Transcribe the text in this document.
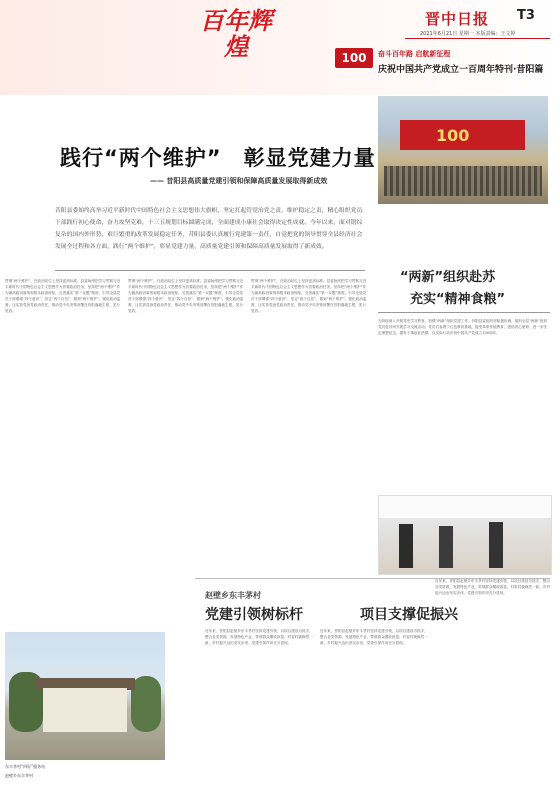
百年辉煌
晋中日报 T3
2021年6月21日 星期一 本版责编：王文婷
100	奋斗百年路 启航新征程
庆祝中国共产党成立一百周年特刊·昔阳篇
100
践行“两个维护”　彰显党建力量
—— 昔阳县高质量党建引领和保障高质量发展取得新成效
昔阳县委始终高举习近平新时代中国特色社会主义思想伟大旗帜，坚定扛起管党治党之责，维护稳定之责，精心组织党员干部践行初心使命，奋力攻坚克难，十三五规划目标圆满完成，全面建成小康社会取得决定性成就。今年以来，面对错综复杂的国内外形势，艰巨繁重的改革发展稳定任务，昔阳县委认真履行党建第一责任，自觉把党的领导贯穿全县经济社会发展全过程和各方面，践行“两个维护”，彰显党建力量，高质量党建引领和保障高质量发展取得了新成效。
贯彻“两个维护”，在政治站位上坚持更高标准。县委始终把学习贯彻习近平新时代中国特色社会主义思想作为首要政治任务，坚持把“两个维护”作为最高政治原则和根本政治规矩，完善落实“第一议题”制度，引导全县党员干部增强“四个意识”、坚定“四个自信”、做到“两个维护”。强化政治监督，压实管党治党政治责任，推动党中央决策部署在昔阳落地生根、见行见效。
贯彻“两个维护”，在政治站位上坚持更高标准。县委始终把学习贯彻习近平新时代中国特色社会主义思想作为首要政治任务，坚持把“两个维护”作为最高政治原则和根本政治规矩，完善落实“第一议题”制度，引导全县党员干部增强“四个意识”、坚定“四个自信”、做到“两个维护”。强化政治监督，压实管党治党政治责任，推动党中央决策部署在昔阳落地生根、见行见效。
贯彻“两个维护”，在政治站位上坚持更高标准。县委始终把学习贯彻习近平新时代中国特色社会主义思想作为首要政治任务，坚持把“两个维护”作为最高政治原则和根本政治规矩，完善落实“第一议题”制度，引导全县党员干部增强“四个意识”、坚定“四个自信”、做到“两个维护”。强化政治监督，压实管党治党政治责任，推动党中央决策部署在昔阳落地生根、见行见效。
“两新”组织赴苏
充实“精神食粮”
为持续深入开展党史学习教育，加强“两新”组织党建工作，昔阳县委组织部积极协调，组织全县“两新”组织党员赴苏州开展学习交流活动。党员们参观了红色教育基地，接受革命传统教育，感悟初心使命，进一步坚定理想信念，激发干事创业热情，以实际行动庆祝中国共产党成立100周年。
赵壁乡东丰茅村
党建引领树标杆	项目支撑促振兴
近年来，昔阳县赵壁乡东丰茅村坚持党建引领，以项目建设为抓手，整合各类资源，发展特色产业，带领群众增收致富，村容村貌焕然一新，乡村振兴迈出坚实步伐，党建引领作用充分显现。
近年来，昔阳县赵壁乡东丰茅村坚持党建引领，以项目建设为抓手，整合各类资源，发展特色产业，带领群众增收致富，村容村貌焕然一新，乡村振兴迈出坚实步伐，党建引领作用充分显现。
近年来，昔阳县赵壁乡东丰茅村坚持党建引领，以项目建设为抓手，整合各类资源，发展特色产业，带领群众增收致富，村容村貌焕然一新，乡村振兴迈出坚实步伐，党建引领作用充分显现。
东丰茅村“四好”服务站
赵壁乡东丰茅村
